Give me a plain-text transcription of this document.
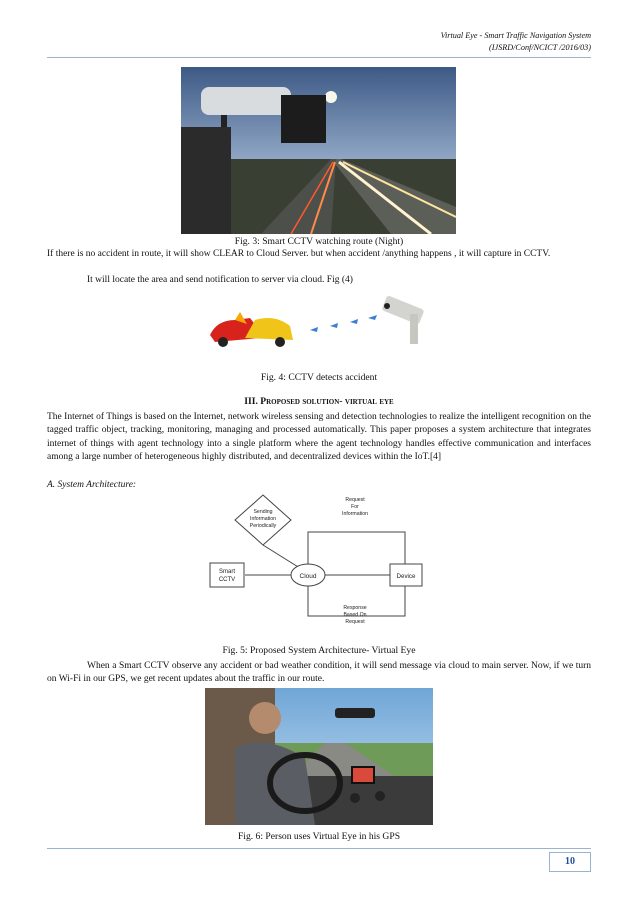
Virtual Eye - Smart Traffic Navigation System
(IJSRD/Conf/NCICT /2016/03)
Fig. 3: Smart CCTV watching route (Night)
If there is no accident in route, it will show CLEAR to Cloud Server. but when accident /anything happens , it will capture in CCTV.
It will locate the area and send notification to server via cloud. Fig (4)
Fig. 4: CCTV detects accident
III. Proposed solution- virtual eye
The Internet of Things is based on the Internet, network wireless sensing and detection technologies to realize the intelligent recognition on the tagged traffic object, tracking, monitoring, managing and processed automatically. This paper proposes a system architecture that integrates internet of things with agent technology into a single platform where the agent technology handles effective communication and interfaces among a large number of heterogeneous highly distributed, and decentralized devices within the IoT.[4]
A. System Architecture:
Sending
Information
Periodically
Request
For
Information
Smart
CCTV	Cloud	Device
Response
Based On
Request
Fig. 5: Proposed System Architecture- Virtual Eye
When a Smart CCTV observe any accident or bad weather condition, it will send message via cloud to main server. Now, if we turn on Wi-Fi in our GPS, we get recent updates about the traffic in our route.
Fig. 6: Person uses Virtual Eye in his GPS
10
